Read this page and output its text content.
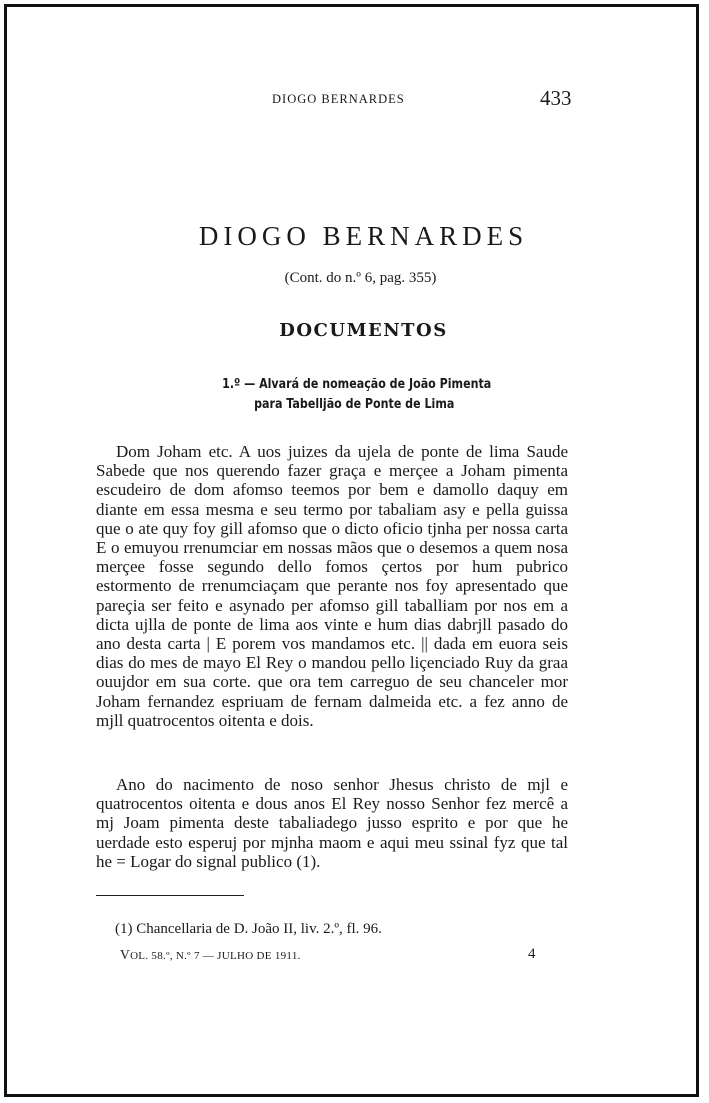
DIOGO BERNARDES	433
DIOGO BERNARDES
(Cont. do n.º 6, pag. 355)
DOCUMENTOS
1.º — Alvará de nomeação de João Pimenta
para Tabelljão de Ponte de Lima

Dom Joham etc. A uos juizes da ujela de ponte de lima Saude Sabede que nos querendo fazer graça e merçee a Joham pimenta escudeiro de dom afomso teemos por bem e damollo daquy em diante em essa mesma e seu termo por tabaliam asy e pella guissa que o ate quy foy gill afomso que o dicto oficio tjnha per nossa carta E o emuyou rrenumciar em nossas mãos que o desemos a quem nosa merçee fosse segundo dello fomos çertos por hum pubrico estormento de rrenumciaçam que perante nos foy apresentado que pareçia ser feito e asynado per afomso gill taballiam por nos em a dicta ujlla de ponte de lima aos vinte e hum dias dabrjll pasado do ano desta carta | E porem vos mandamos etc. || dada em euora seis dias do mes de mayo El Rey o mandou pello liçenciado Ruy da graa ouujdor em sua corte. que ora tem carreguo de seu chanceler mor Joham fernandez espriuam de fernam dalmeida etc. a fez anno de mjll quatrocentos oitenta e dois.

Ano do nacimento de noso senhor Jhesus christo de mjl e quatrocentos oitenta e dous anos El Rey nosso Senhor fez mercê a mj Joam pimenta deste tabaliadego jusso esprito e por que he uerdade esto esperuj por mjnha maom e aqui meu ssinal fyz que tal he = Logar do signal publico (1).

(1) Chancellaria de D. João II, liv. 2.º, fl. 96.
VOL. 58.º, N.º 7 — JULHO DE 1911.	4
